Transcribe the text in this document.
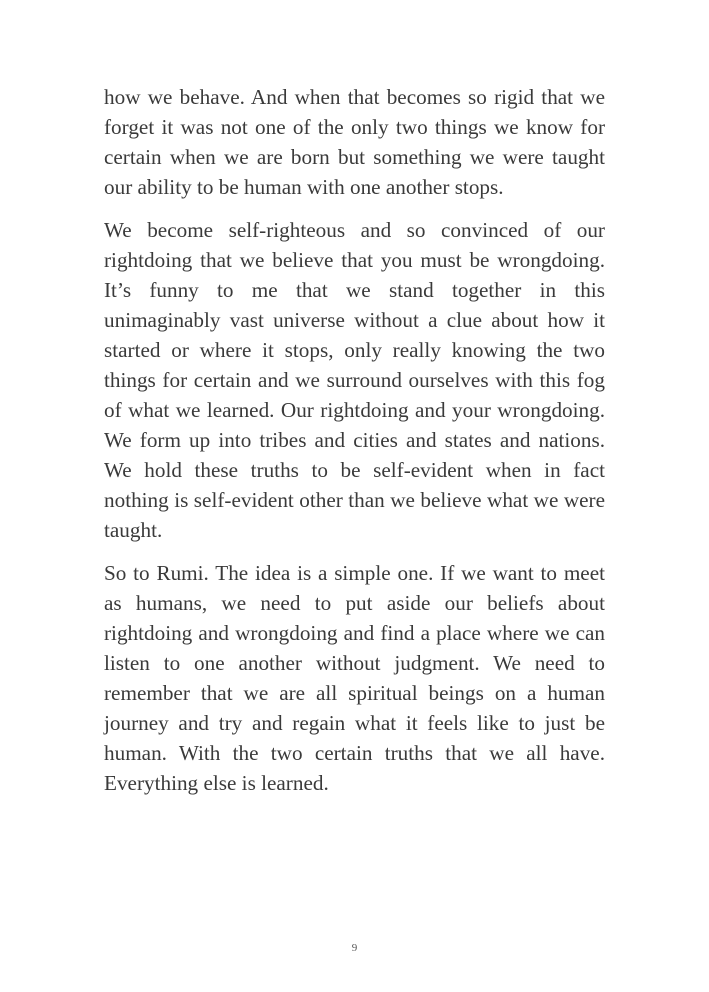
how we behave. And when that becomes so rigid that we forget it was not one of the only two things we know for certain when we are born but something we were taught our ability to be human with one another stops.

We become self-righteous and so convinced of our rightdoing that we believe that you must be wrongdoing. It’s funny to me that we stand together in this unimaginably vast universe without a clue about how it started or where it stops, only really knowing the two things for certain and we surround ourselves with this fog of what we learned. Our rightdoing and your wrongdoing. We form up into tribes and cities and states and nations. We hold these truths to be self-evident when in fact nothing is self-evident other than we believe what we were taught.

So to Rumi. The idea is a simple one. If we want to meet as humans, we need to put aside our beliefs about rightdoing and wrongdoing and find a place where we can listen to one another without judgment. We need to remember that we are all spiritual beings on a human journey and try and regain what it feels like to just be human. With the two certain truths that we all have. Everything else is learned.

9
